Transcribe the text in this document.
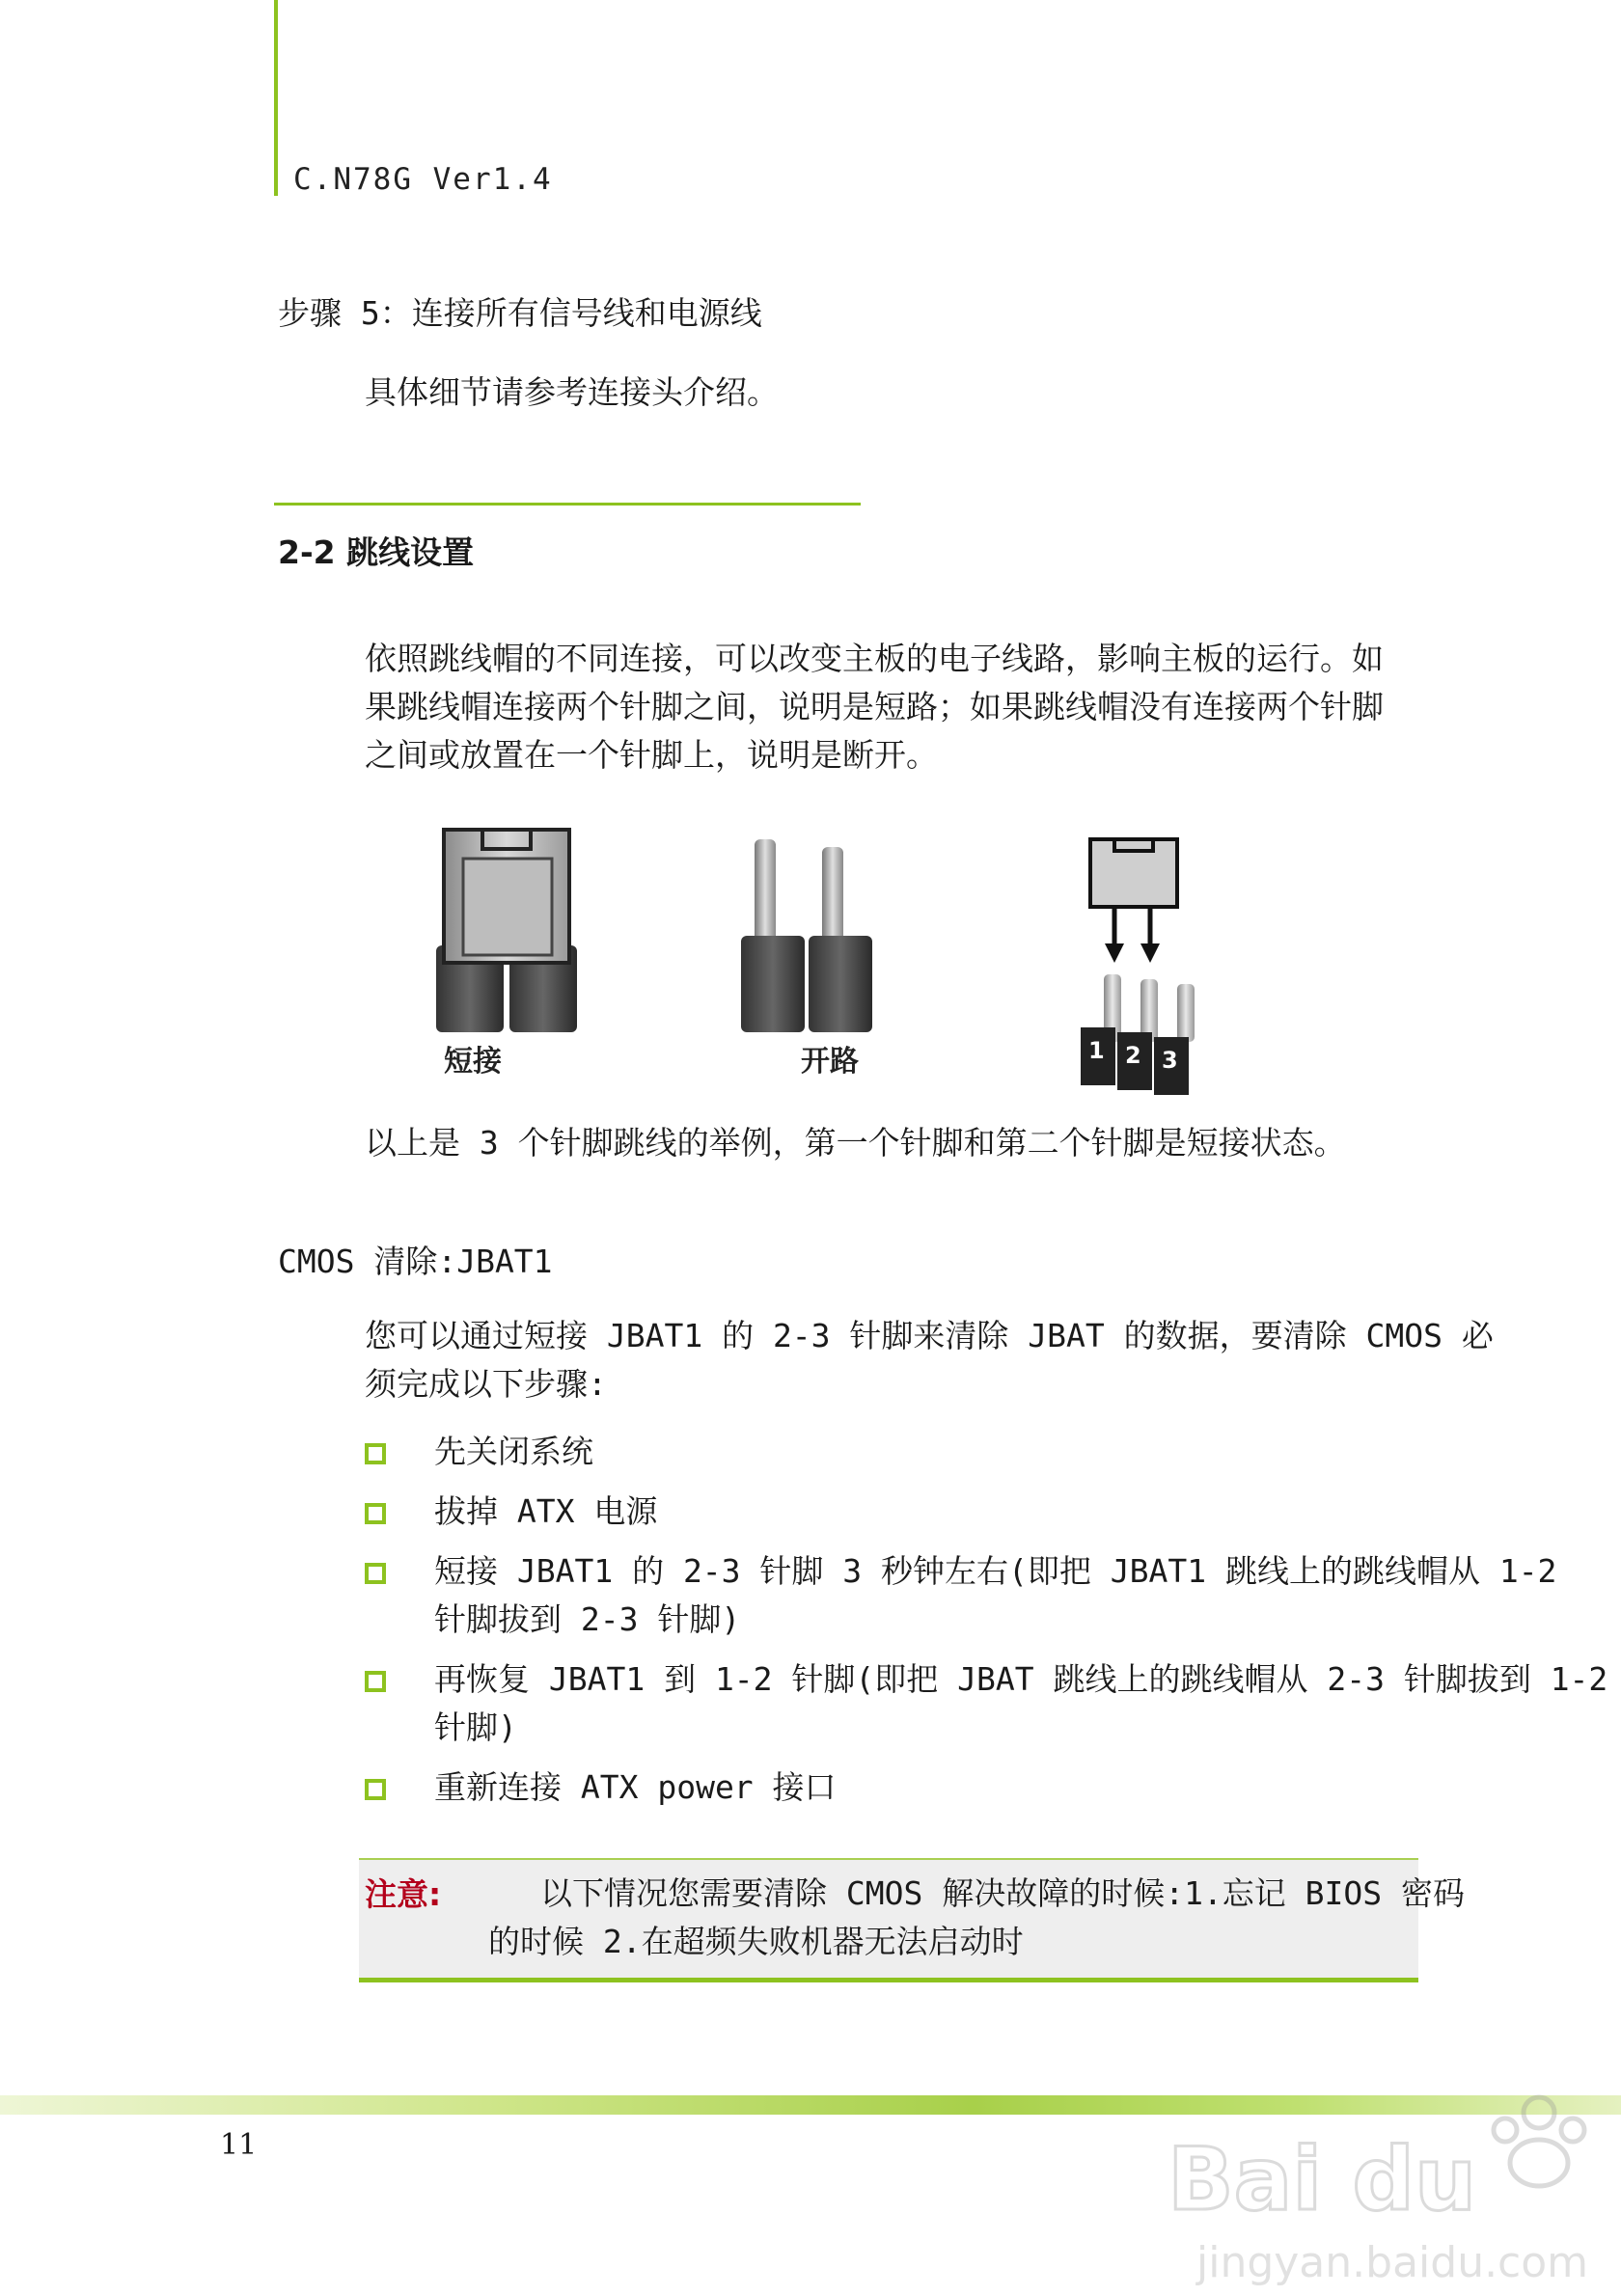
C.N78G Ver1.4
步骤 5：连接所有信号线和电源线
具体细节请参考连接头介绍。
2-2 跳线设置
依照跳线帽的不同连接，可以改变主板的电子线路，影响主板的运行。如
果跳线帽连接两个针脚之间，说明是短路；如果跳线帽没有连接两个针脚
之间或放置在一个针脚上，说明是断开。
短接	开路	1 2 3
以上是 3 个针脚跳线的举例，第一个针脚和第二个针脚是短接状态。
CMOS 清除:JBAT1
您可以通过短接 JBAT1 的 2-3 针脚来清除 JBAT 的数据，要清除 CMOS 必
须完成以下步骤:
先关闭系统
拔掉 ATX 电源
短接 JBAT1 的 2-3 针脚 3 秒钟左右(即把 JBAT1 跳线上的跳线帽从 1-2
针脚拔到 2-3 针脚)
再恢复 JBAT1 到 1-2 针脚(即把 JBAT 跳线上的跳线帽从 2-3 针脚拔到 1-2
针脚)
重新连接 ATX power 接口
注意:	以下情况您需要清除 CMOS 解决故障的时候:1.忘记 BIOS 密码
的时候 2.在超频失败机器无法启动时
11	Bai du
jingyan.baidu.com
